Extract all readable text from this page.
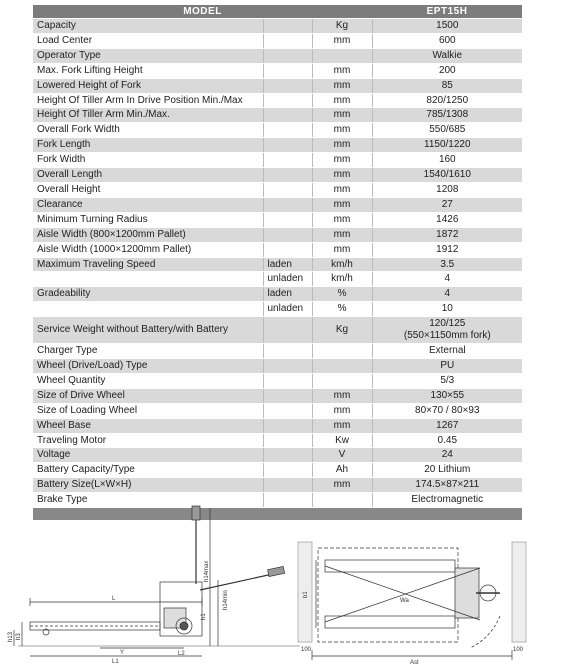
MODEL			EPT15H
Capacity		Kg	1500
Load Center		mm	600
Operator Type			Walkie
Max. Fork Lifting Height		mm	200
Lowered Height of Fork		mm	85
Height Of Tiller Arm In Drive Position Min./Max		mm	820/1250
Height Of Tiller Arm Min./Max.		mm	785/1308
Overall Fork Width		mm	550/685
Fork Length		mm	1150/1220
Fork Width		mm	160
Overall Length		mm	1540/1610
Overall Height		mm	1208
Clearance		mm	27
Minimum Turning Radius		mm	1426
Aisle Width (800×1200mm Pallet)		mm	1872
Aisle Width (1000×1200mm Pallet)		mm	1912
Maximum Traveling Speed	laden	km/h	3.5
	unladen	km/h	4
Gradeability	laden	%	4
	unladen	%	10
Service Weight without Battery/with Battery		Kg	120/125
(550×1150mm fork)

Charger Type			External
Wheel (Drive/Load) Type			PU
Wheel Quantity			5/3
Size of Drive Wheel		mm	130×55
Size of Loading Wheel		mm	80×70 / 80×93
Wheel Base		mm	1267
Traveling Motor		Kw	0.45
Voltage		V	24
Battery Capacity/Type		Ah	20 Lithium
Battery Size(L×W×H)		mm	174.5×87×211
Brake Type			Electromagnetic

L
L1
L2
Y
h1
h3
h13
h14max
h14min	b1
Wa
Ast
100	100
